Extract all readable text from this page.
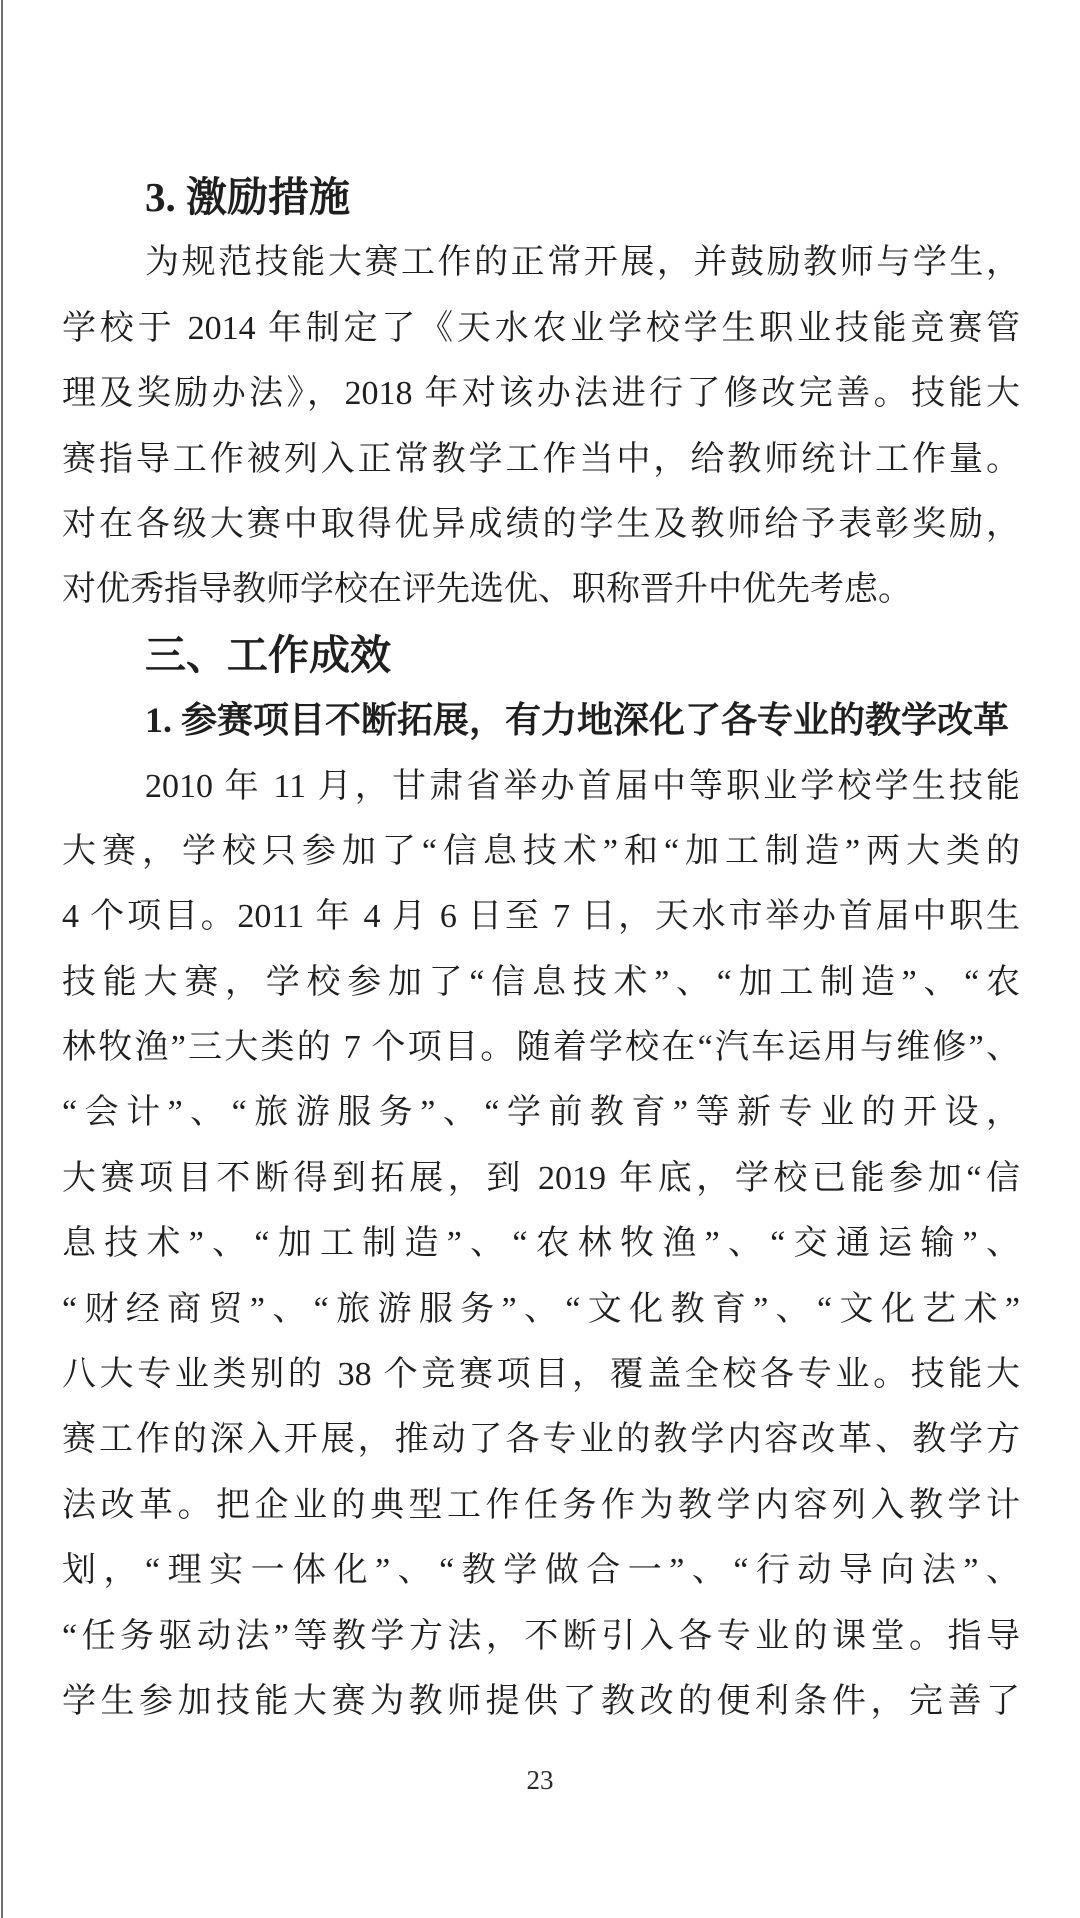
3. 激励措施
为规范技能大赛工作的正常开展，并鼓励教师与学生，
学校于 2014 年制定了《天水农业学校学生职业技能竞赛管
理及奖励办法》，2018 年对该办法进行了修改完善。技能大
赛指导工作被列入正常教学工作当中，给教师统计工作量。
对在各级大赛中取得优异成绩的学生及教师给予表彰奖励，
对优秀指导教师学校在评先选优、职称晋升中优先考虑。
三、工作成效
1. 参赛项目不断拓展，有力地深化了各专业的教学改革
2010 年 11 月，甘肃省举办首届中等职业学校学生技能
大赛，学校只参加了“信息技术”和“加工制造”两大类的
4 个项目。2011 年 4 月 6 日至 7 日，天水市举办首届中职生
技能大赛，学校参加了“信息技术”、“加工制造”、“农
林牧渔”三大类的 7 个项目。随着学校在“汽车运用与维修”、
“会计”、“旅游服务”、“学前教育”等新专业的开设，
大赛项目不断得到拓展，到 2019 年底，学校已能参加“信
息技术”、“加工制造”、“农林牧渔”、“交通运输”、
“财经商贸”、“旅游服务”、“文化教育”、“文化艺术”
八大专业类别的 38 个竞赛项目，覆盖全校各专业。技能大
赛工作的深入开展，推动了各专业的教学内容改革、教学方
法改革。把企业的典型工作任务作为教学内容列入教学计
划，“理实一体化”、“教学做合一”、“行动导向法”、
“任务驱动法”等教学方法，不断引入各专业的课堂。指导
学生参加技能大赛为教师提供了教改的便利条件，完善了
23
